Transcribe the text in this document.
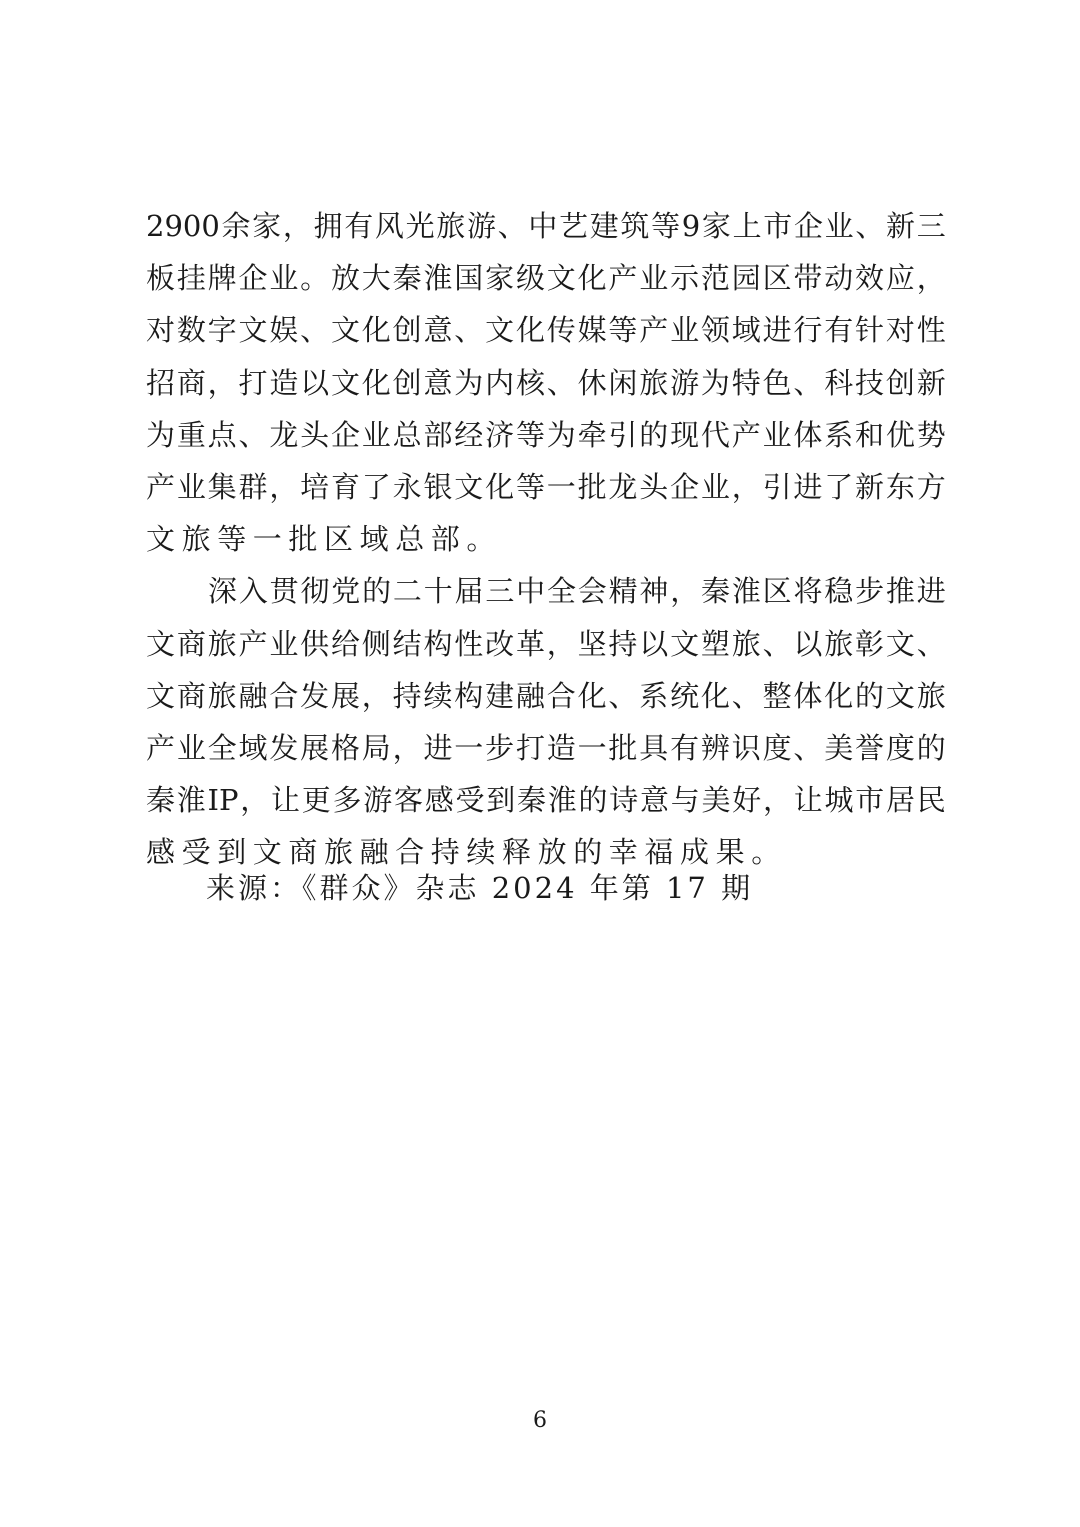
2900 余 家 ， 拥 有 风 光 旅 游 、 中 艺 建 筑 等 9 家 上 市 企 业 、 新 三
板 挂 牌 企 业 。 放 大 秦 淮 国 家 级 文 化 产 业 示 范 园 区 带 动 效 应 ，
对 数 字 文 娱 、 文 化 创 意 、 文 化 传 媒 等 产 业 领 域 进 行 有 针 对 性
招 商 ， 打 造 以 文 化 创 意 为 内 核 、 休 闲 旅 游 为 特 色 、 科 技 创 新
为 重 点 、 龙 头 企 业 总 部 经 济 等 为 牵 引 的 现 代 产 业 体 系 和 优 势
产 业 集 群 ， 培 育 了 永 银 文 化 等 一 批 龙 头 企 业 ， 引 进 了 新 东 方
文旅等一批区域总部。
深 入 贯 彻 党 的 二 十 届 三 中 全 会 精 神 ， 秦 淮 区 将 稳 步 推 进
文 商 旅 产 业 供 给 侧 结 构 性 改 革 ， 坚 持 以 文 塑 旅 、 以 旅 彰 文 、
文 商 旅 融 合 发 展 ， 持 续 构 建 融 合 化 、 系 统 化 、 整 体 化 的 文 旅
产 业 全 域 发 展 格 局 ， 进 一 步 打 造 一 批 具 有 辨 识 度 、 美 誉 度 的
秦 淮 IP ， 让 更 多 游 客 感 受 到 秦 淮 的 诗 意 与 美 好 ， 让 城 市 居 民
感受到文商旅融合持续释放的幸福成果。
来源：《群众》杂志 2024 年第 17 期
6
